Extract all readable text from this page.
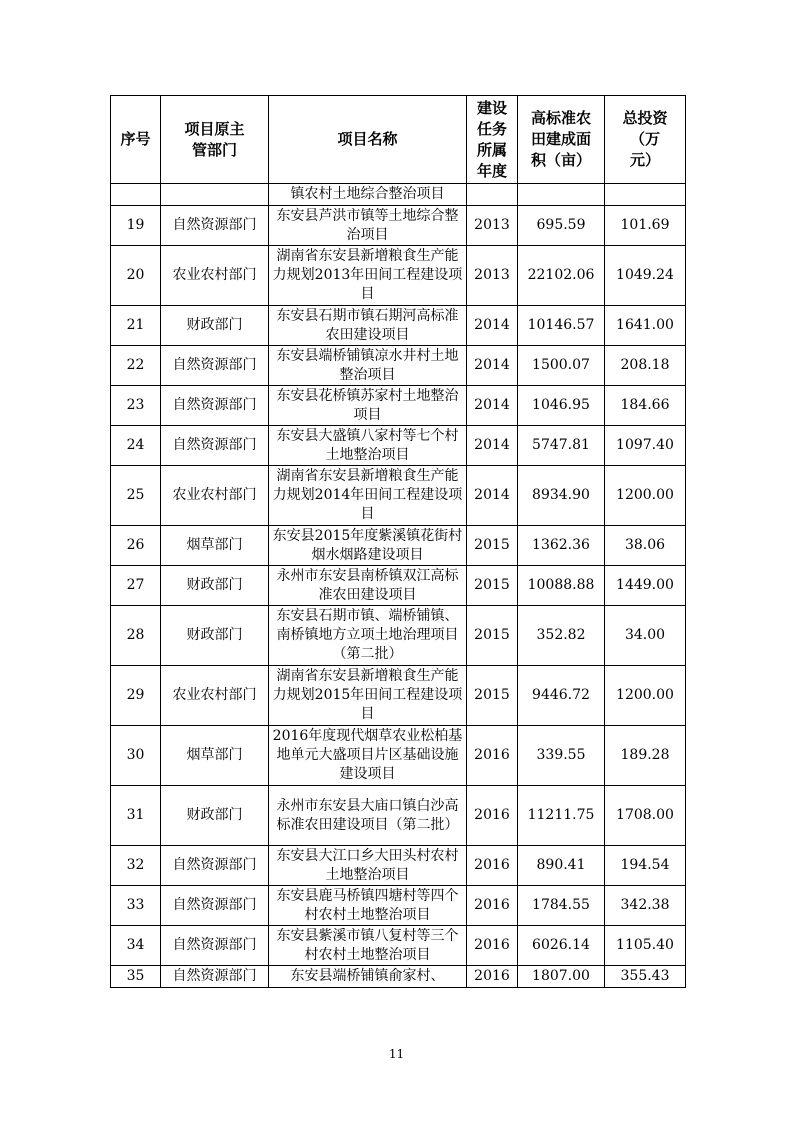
序号	项目原主管部门	项目名称	建设任务所属年度	高标准农田建成面积（亩）	总投资（万元）

		镇农村土地综合整治项目			
19	自然资源部门	东安县芦洪市镇等土地综合整治项目	2013	695.59	101.69
20	农业农村部门	湖南省东安县新增粮食生产能力规划2013年田间工程建设项目	2013	22102.06	1049.24
21	财政部门	东安县石期市镇石期河高标准农田建设项目	2014	10146.57	1641.00
22	自然资源部门	东安县端桥铺镇凉水井村土地整治项目	2014	1500.07	208.18
23	自然资源部门	东安县花桥镇苏家村土地整治项目	2014	1046.95	184.66
24	自然资源部门	东安县大盛镇八家村等七个村土地整治项目	2014	5747.81	1097.40
25	农业农村部门	湖南省东安县新增粮食生产能力规划2014年田间工程建设项目	2014	8934.90	1200.00
26	烟草部门	东安县2015年度紫溪镇花街村烟水烟路建设项目	2015	1362.36	38.06
27	财政部门	永州市东安县南桥镇双江高标准农田建设项目	2015	10088.88	1449.00
28	财政部门	东安县石期市镇、端桥铺镇、南桥镇地方立项土地治理项目（第二批）	2015	352.82	34.00
29	农业农村部门	湖南省东安县新增粮食生产能力规划2015年田间工程建设项目	2015	9446.72	1200.00
30	烟草部门	2016年度现代烟草农业松柏基地单元大盛项目片区基础设施建设项目	2016	339.55	189.28
31	财政部门	永州市东安县大庙口镇白沙高标准农田建设项目（第二批）	2016	11211.75	1708.00
32	自然资源部门	东安县大江口乡大田头村农村土地整治项目	2016	890.41	194.54
33	自然资源部门	东安县鹿马桥镇四塘村等四个村农村土地整治项目	2016	1784.55	342.38
34	自然资源部门	东安县紫溪市镇八复村等三个村农村土地整治项目	2016	6026.14	1105.40
35	自然资源部门	东安县端桥铺镇俞家村、	2016	1807.00	355.43
11
